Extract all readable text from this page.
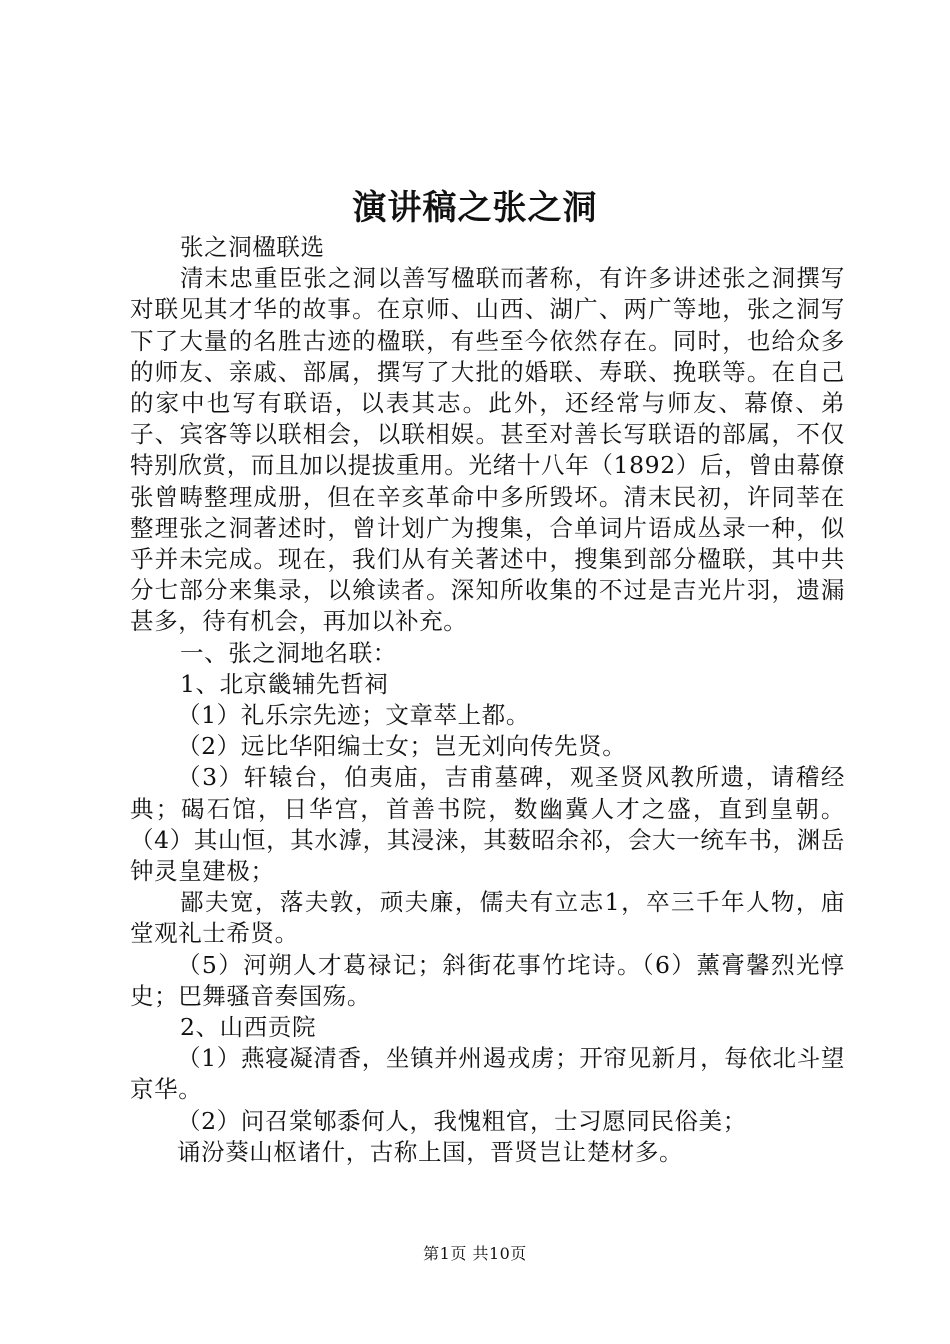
演讲稿之张之洞

张之洞楹联选

清末忠重臣张之洞以善写楹联而著称，有许多讲述张之洞撰写对联见其才华的故事。在京师、山西、湖广、两广等地，张之洞写下了大量的名胜古迹的楹联，有些至今依然存在。同时，也给众多的师友、亲戚、部属，撰写了大批的婚联、寿联、挽联等。在自己的家中也写有联语，以表其志。此外，还经常与师友、幕僚、弟子、宾客等以联相会，以联相娱。甚至对善长写联语的部属，不仅特别欣赏，而且加以提拔重用。光绪十八年（1892）后，曾由幕僚张曾畴整理成册，但在辛亥革命中多所毁坏。清末民初，许同莘在整理张之洞著述时，曾计划广为搜集，合单词片语成丛录一种，似乎并未完成。现在，我们从有关著述中，搜集到部分楹联，其中共分七部分来集录，以飨读者。深知所收集的不过是吉光片羽，遗漏甚多，待有机会，再加以补充。

一、张之洞地名联：

1、北京畿辅先哲祠

（1）礼乐宗先迹；文章萃上都。

（2）远比华阳编士女；岂无刘向传先贤。

（3）轩辕台，伯夷庙，吉甫墓碑，观圣贤风教所遗，请稽经典；碣石馆，日华宫，首善书院，数幽冀人才之盛，直到皇朝。（4）其山恒，其水滹，其浸涞，其薮昭余祁，会大一统车书，渊岳钟灵皇建极；

鄙夫宽，落夫敦，顽夫廉，儒夫有立志1，卒三千年人物，庙堂观礼士希贤。

（5）河朔人才葛禄记；斜街花事竹垞诗。（6）薰膏馨烈光惇史；巴舞骚音奏国殇。

2、山西贡院

（1）燕寝凝清香，坐镇并州遏戎虏；开帘见新月，每依北斗望京华。

（2）问召棠郇黍何人，我愧粗官，士习愿同民俗美；

诵汾葵山枢诸什，古称上国，晋贤岂让楚材多。

第1页 共10页
